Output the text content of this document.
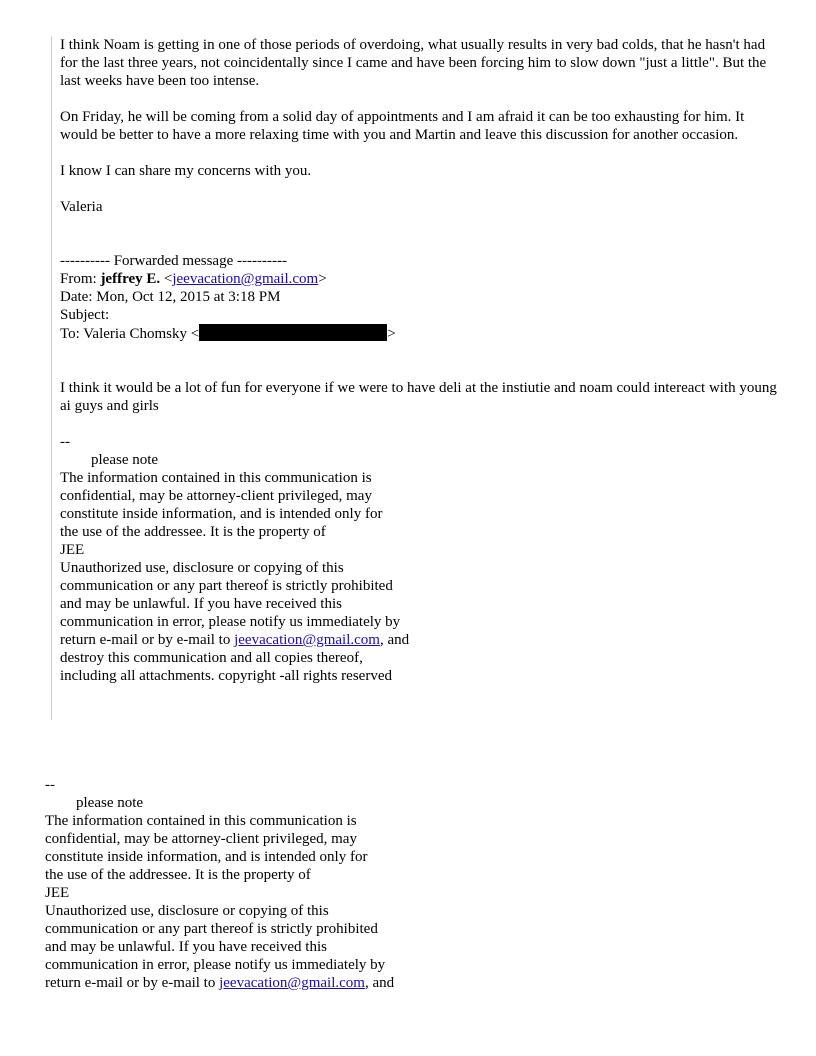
I think Noam is getting in one of those periods of overdoing, what usually results in very bad colds, that he hasn't had for the last three years, not coincidentally since I came and have been forcing him to slow down "just a little". But the last weeks have been too intense.

On Friday, he will be coming from a solid day of appointments and I am afraid it can be too exhausting for him. It would be better to have a more relaxing time with you and Martin and leave this discussion for another occasion.

I know I can share my concerns with you.

Valeria

---------- Forwarded message ----------

From: jeffrey E. <jeevacation@gmail.com>

Date: Mon, Oct 12, 2015 at 3:18 PM

Subject:

To: Valeria Chomsky <	>

I think it would be a lot of fun for everyone if we were to have deli at the instiutie and noam could intereact with young ai guys and girls

--

please note

The information contained in this communication is

confidential, may be attorney-client privileged, may

constitute inside information, and is intended only for

the use of the addressee. It is the property of

JEE

Unauthorized use, disclosure or copying of this

communication or any part thereof is strictly prohibited

and may be unlawful. If you have received this

communication in error, please notify us immediately by

return e-mail or by e-mail to jeevacation@gmail.com, and

destroy this communication and all copies thereof,

including all attachments. copyright -all rights reserved

--

please note

The information contained in this communication is

confidential, may be attorney-client privileged, may

constitute inside information, and is intended only for

the use of the addressee. It is the property of

JEE

Unauthorized use, disclosure or copying of this

communication or any part thereof is strictly prohibited

and may be unlawful. If you have received this

communication in error, please notify us immediately by

return e-mail or by e-mail to jeevacation@gmail.com, and
